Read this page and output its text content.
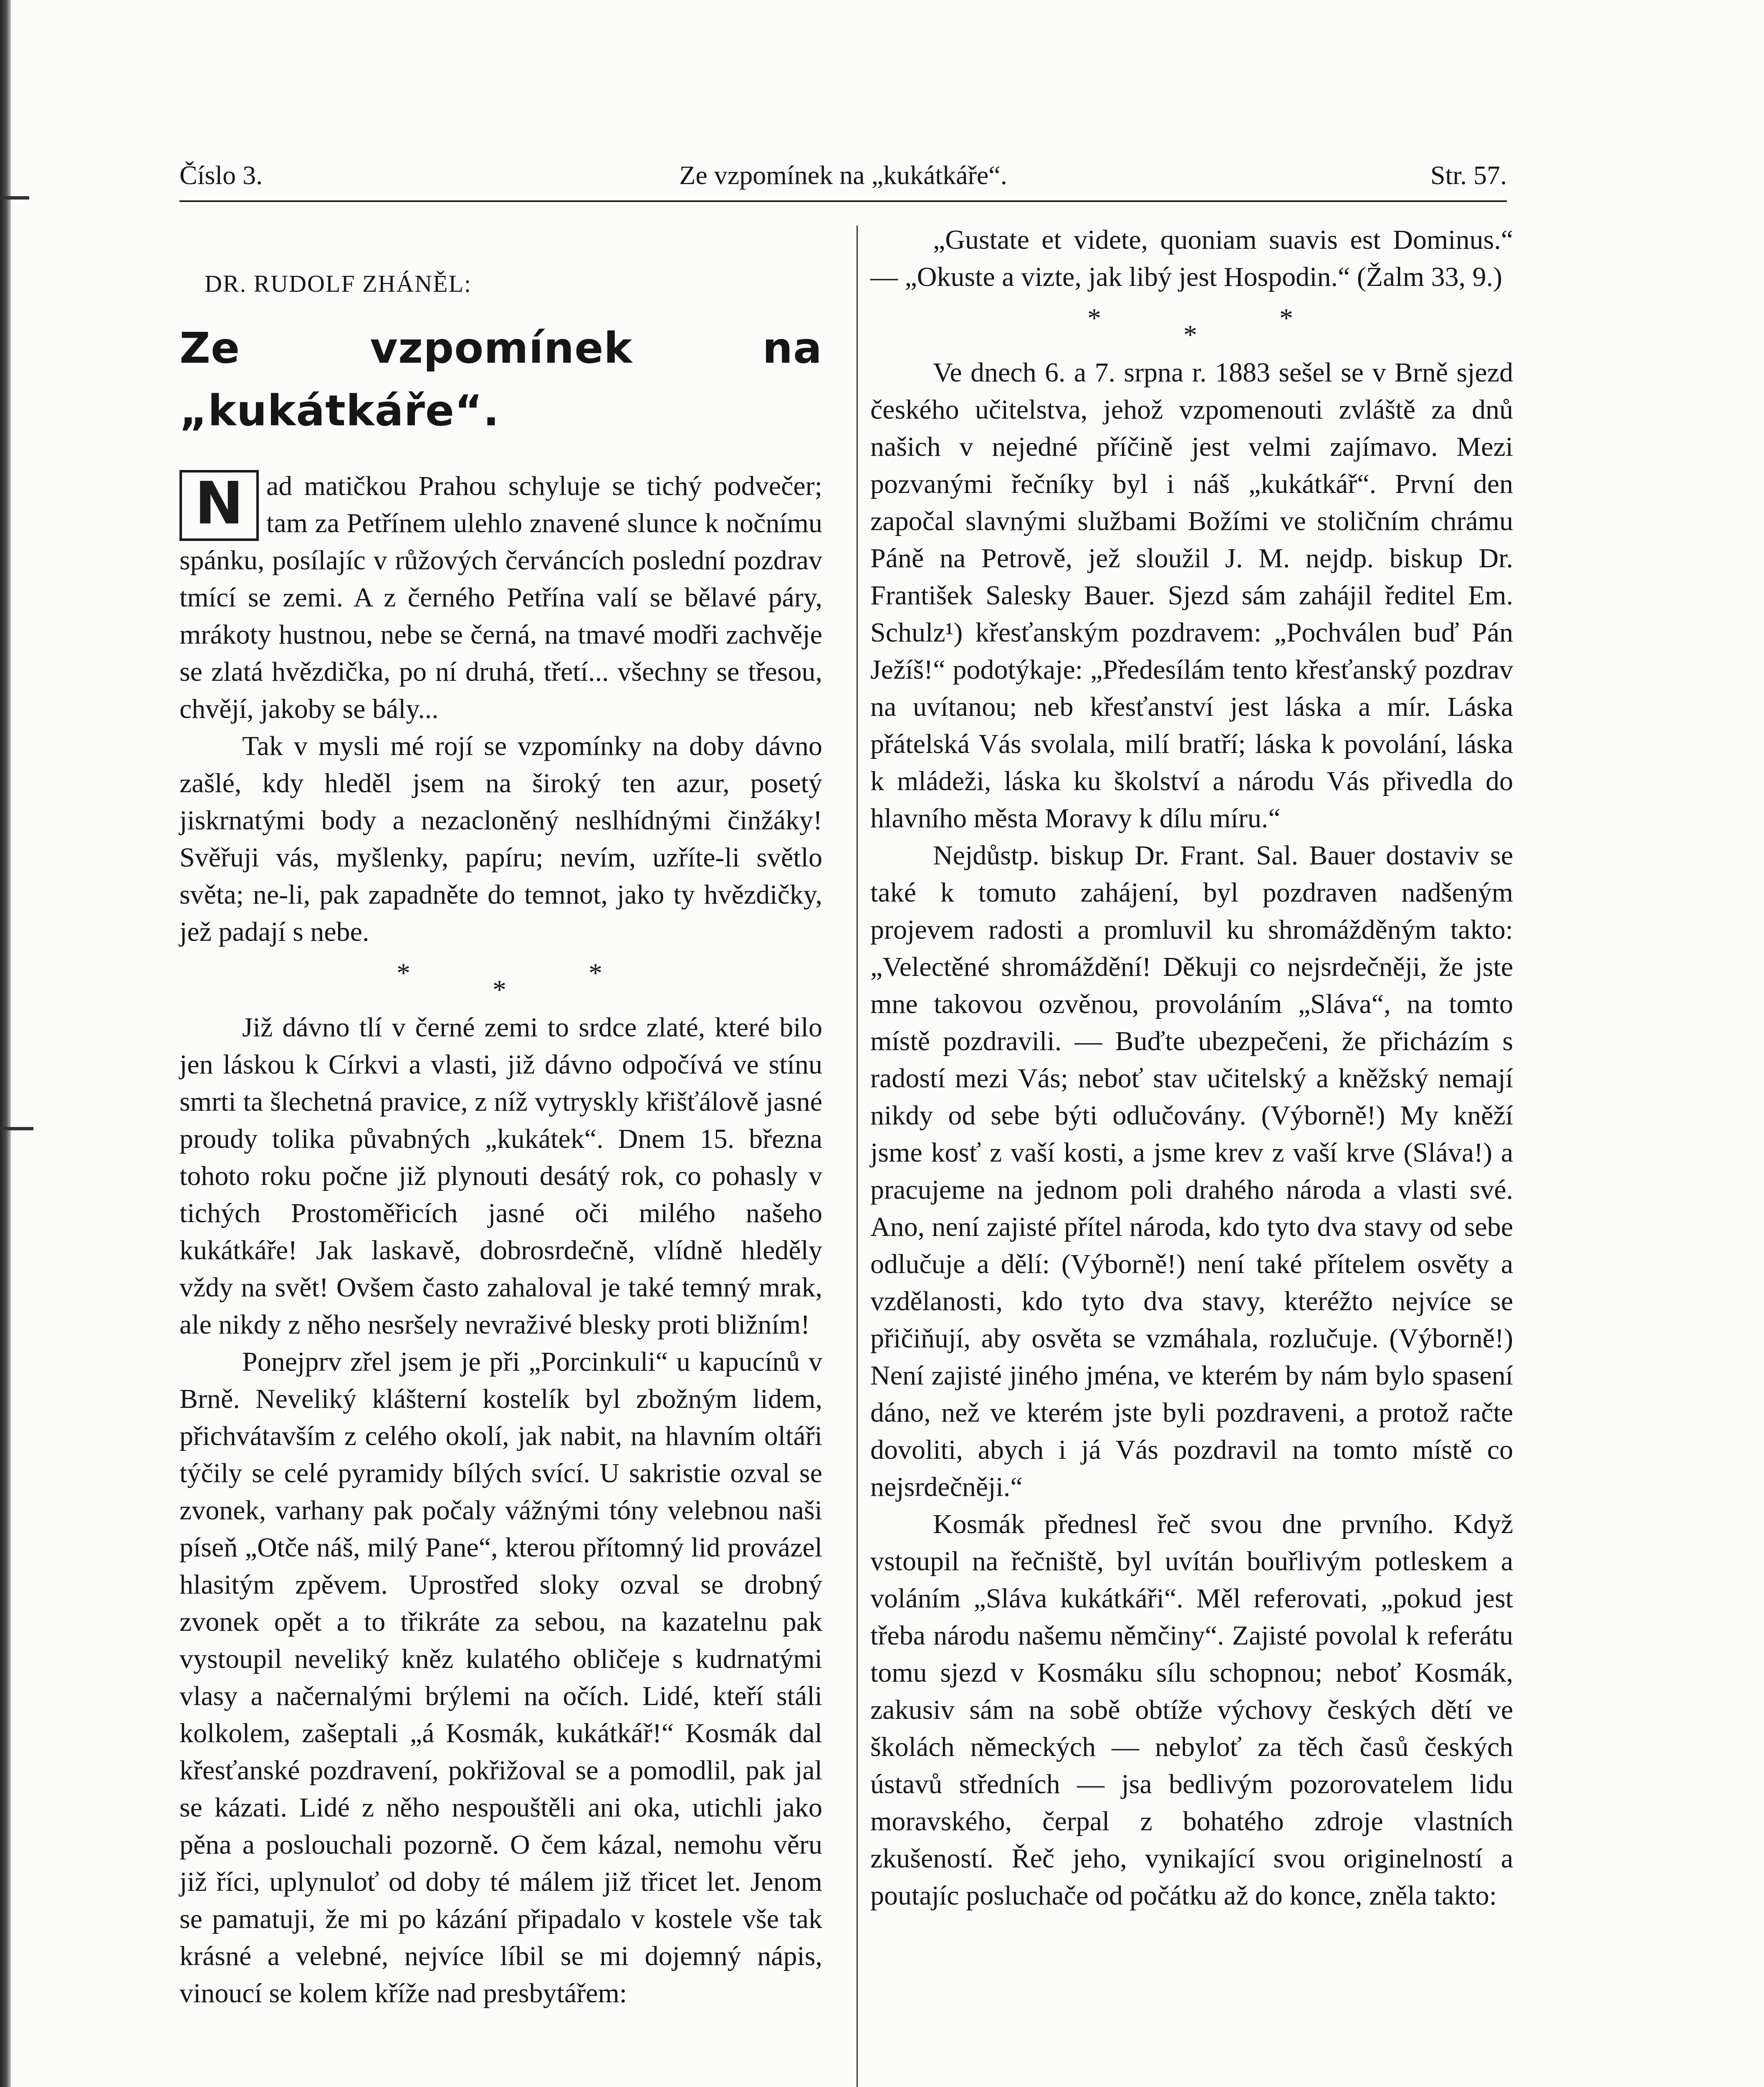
Číslo 3.	Ze vzpomínek na „kukátkáře“.	Str. 57.
DR. RUDOLF ZHÁNĚL:
Ze vzpomínek na „kukátkáře“.

N ad matičkou Prahou schyluje se tichý podvečer; tam za Petřínem ulehlo znavené slunce k nočnímu spánku, posílajíc v růžových červáncích poslední pozdrav tmící se zemi. A z černého Petřína valí se bělavé páry, mrákoty hustnou, nebe se černá, na tmavé modři zachvěje se zlatá hvězdička, po ní druhá, třetí... všechny se třesou, chvějí, jakoby se bály...

Tak v mysli mé rojí se vzpomínky na doby dávno zašlé, kdy hleděl jsem na široký ten azur, posetý jiskrnatými body a nezacloněný neslhídnými činžáky! Svěřuji vás, myšlenky, papíru; nevím, uzříte-li světlo světa; ne-li, pak zapadněte do temnot, jako ty hvězdičky, jež padají s nebe.

*
*
*

Již dávno tlí v černé zemi to srdce zlaté, které bilo jen láskou k Církvi a vlasti, již dávno odpočívá ve stínu smrti ta šlechetná pravice, z níž vytryskly křišťálově jasné proudy tolika půvabných „kukátek“. Dnem 15. března tohoto roku počne již plynouti desátý rok, co pohasly v tichých Prostoměřicích jasné oči milého našeho kukátkáře! Jak laskavě, dobrosrdečně, vlídně hleděly vždy na svět! Ovšem často zahaloval je také temný mrak, ale nikdy z něho nesršely nevraživé blesky proti bližním!

Ponejprv zřel jsem je při „Porcinkuli“ u kapucínů v Brně. Neveliký klášterní kostelík byl zbožným lidem, přichvátavším z celého okolí, jak nabit, na hlavním oltáři týčily se celé pyramidy bílých svící. U sakristie ozval se zvonek, varhany pak počaly vážnými tóny velebnou naši píseň „Otče náš, milý Pane“, kterou přítomný lid provázel hlasitým zpěvem. Uprostřed sloky ozval se drobný zvonek opět a to třikráte za sebou, na kazatelnu pak vystoupil neveliký kněz kulatého obličeje s kudrnatými vlasy a načernalými brýlemi na očích. Lidé, kteří stáli kolkolem, zašeptali „á Kosmák, kukátkář!“ Kosmák dal křesťanské pozdravení, pokřižoval se a pomodlil, pak jal se kázati. Lidé z něho nespouštěli ani oka, utichli jako pěna a poslouchali pozorně. O čem kázal, nemohu věru již říci, uplynuloť od doby té málem již třicet let. Jenom se pamatuji, že mi po kázání připadalo v kostele vše tak krásné a velebné, nejvíce líbil se mi dojemný nápis, vinoucí se kolem kříže nad presbytářem:

„Gustate et videte, quoniam suavis est Dominus.“ — „Okuste a vizte, jak libý jest Hospodin.“ (Žalm 33, 9.)

*
*
*

Ve dnech 6. a 7. srpna r. 1883 sešel se v Brně sjezd českého učitelstva, jehož vzpomenouti zvláště za dnů našich v nejedné příčině jest velmi zajímavo. Mezi pozvanými řečníky byl i náš „kukátkář“. První den započal slavnými službami Božími ve stoličním chrámu Páně na Petrově, jež sloužil J. M. nejdp. biskup Dr. František Salesky Bauer. Sjezd sám zahájil ředitel Em. Schulz¹) křesťanským pozdravem: „Pochválen buď Pán Ježíš!“ podotýkaje: „Předesílám tento křesťanský pozdrav na uvítanou; neb křesťanství jest láska a mír. Láska přátelská Vás svolala, milí bratří; láska k povolání, láska k mládeži, láska ku školství a národu Vás přivedla do hlavního města Moravy k dílu míru.“

Nejdůstp. biskup Dr. Frant. Sal. Bauer dostaviv se také k tomuto zahájení, byl pozdraven nadšeným projevem radosti a promluvil ku shromážděným takto: „Velectěné shromáždění! Děkuji co nejsrdečněji, že jste mne takovou ozvěnou, provoláním „Sláva“, na tomto místě pozdravili. — Buďte ubezpečeni, že přicházím s radostí mezi Vás; neboť stav učitelský a kněžský nemají nikdy od sebe býti odlučovány. (Výborně!) My kněží jsme kosť z vaší kosti, a jsme krev z vaší krve (Sláva!) a pracujeme na jednom poli drahého národa a vlasti své. Ano, není zajisté přítel národa, kdo tyto dva stavy od sebe odlučuje a dělí: (Výborně!) není také přítelem osvěty a vzdělanosti, kdo tyto dva stavy, kteréžto nejvíce se přičiňují, aby osvěta se vzmáhala, rozlučuje. (Výborně!) Není zajisté jiného jména, ve kterém by nám bylo spasení dáno, než ve kterém jste byli pozdraveni, a protož račte dovoliti, abych i já Vás pozdravil na tomto místě co nejsrdečněji.“

Kosmák přednesl řeč svou dne prvního. Když vstoupil na řečniště, byl uvítán bouřlivým potleskem a voláním „Sláva kukátkáři“. Měl referovati, „pokud jest třeba národu našemu němčiny“. Zajisté povolal k referátu tomu sjezd v Kosmáku sílu schopnou; neboť Kosmák, zakusiv sám na sobě obtíže výchovy českých dětí ve školách německých — nebyloť za těch časů českých ústavů středních — jsa bedlivým pozorovatelem lidu moravského, čerpal z bohatého zdroje vlastních zkušeností. Řeč jeho, vynikající svou originelností a poutajíc posluchače od počátku až do konce, zněla takto:
